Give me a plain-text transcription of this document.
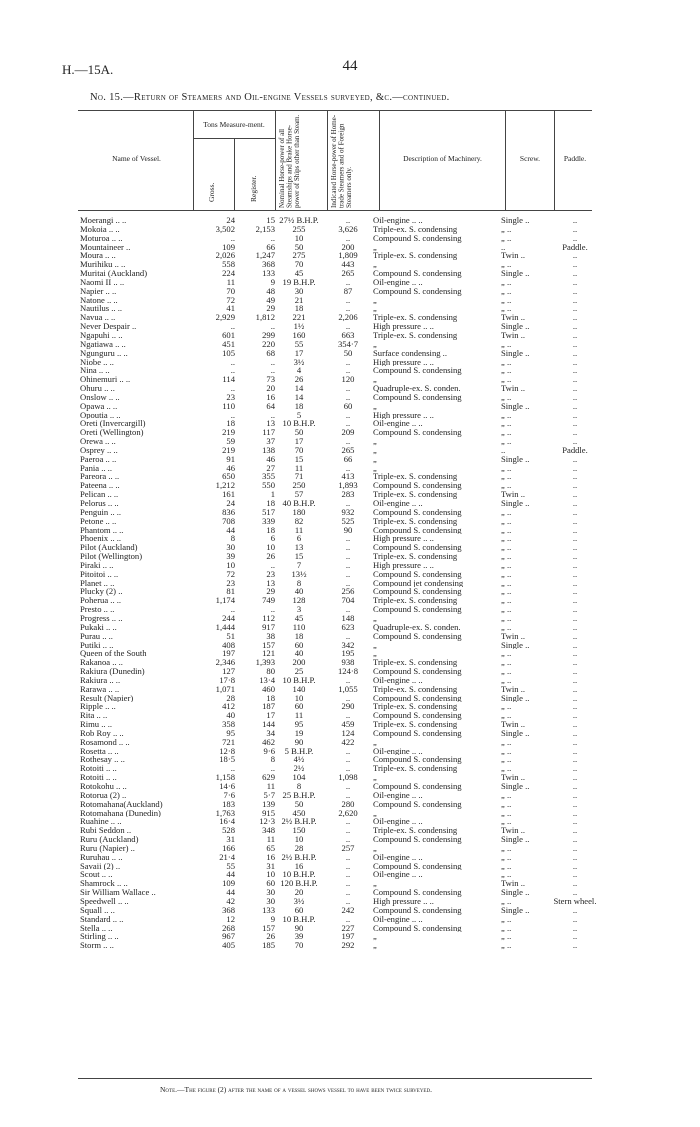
H.—15A.	44
No. 15.—Return of Steamers and Oil-engine Vessels surveyed, &c.—continued.
Name of Vessel.
Tons Measure-ment.
Gross.	Register.	Nominal Horse-power of all Steamships and Brake Horse-power of Ships other than Steam.	Indicated Horse-power of Home-trade Steamers and of Foreign Steamers only.
Description of Machinery.	Screw.	Paddle.
Moerangi .. ..	24	15	27½ B.H.P.	..	Oil-engine .. ..	Single ..	..
Mokoia .. ..	3,502	2,153	255	3,626	Triple-ex. S. condensing	„ ..	..
Moturoa .. ..	..	..	10	..	Compound S. condensing	„ ..	..
Mountaineer ..	109	66	50	200	„	..	Paddle.
Moura .. ..	2,026	1,247	275	1,809	Triple-ex. S. condensing	Twin ..	..
Murihiku .. ..	558	368	70	443	„	„ ..	..
Muritai (Auckland)	224	133	45	265	Compound S. condensing	Single ..	..
Naomi II .. ..	11	9	19 B.H.P.	..	Oil-engine .. ..	„ ..	..
Napier .. ..	70	48	30	87	Compound S. condensing	„ ..	..
Natone .. ..	72	49	21	..	„	„ ..	..
Nautilus .. ..	41	29	18	..	„	„ ..	..
Navua .. ..	2,929	1,812	221	2,206	Triple-ex. S. condensing	Twin ..	..
Never Despair ..	..	..	1½	..	High pressure .. ..	Single ..	..
Ngapuhi .. ..	601	299	160	663	Triple-ex. S. condensing	Twin ..	..
Ngatiawa .. ..	451	220	55	354·7	„	„ ..	..
Ngunguru .. ..	105	68	17	50	Surface condensing ..	Single ..	..
Niobe .. ..	..	..	3½	..	High pressure .. ..	„ ..	..
Nina .. ..	..	..	4	..	Compound S. condensing	„ ..	..
Ohinemuri .. ..	114	73	26	120	„	„ ..	..
Ohuru .. ..	..	20	14	..	Quadruple-ex. S. conden.	Twin ..	..
Onslow .. ..	23	16	14	..	Compound S. condensing	„ ..	..
Opawa .. ..	110	64	18	60	„	Single ..	..
Opoutia .. ..	..	..	5	..	High pressure .. ..	„ ..	..
Oreti (Invercargill)	18	13	10 B.H.P.	..	Oil-engine .. ..	„ ..	..
Oreti (Wellington)	219	117	50	209	Compound S. condensing	„ ..	..
Orewa .. ..	59	37	17	..	„	„ ..	..
Osprey .. ..	219	138	70	265	„	..	Paddle.
Paeroa .. ..	91	46	15	66	„	Single ..	..
Pania .. ..	46	27	11	..	„	„ ..	..
Pareora .. ..	650	355	71	413	Triple-ex. S. condensing	„ ..	..
Pateena .. ..	1,212	550	250	1,893	Compound S. condensing	„ ..	..
Pelican .. ..	161	1	57	283	Triple-ex. S. condensing	Twin ..	..
Pelorus .. ..	24	18	40 B.H.P.	..	Oil-engine .. ..	Single ..	..
Penguin .. ..	836	517	180	932	Compound S. condensing	„ ..	..
Petone .. ..	708	339	82	525	Triple-ex. S. condensing	„ ..	..
Phantom .. ..	44	18	11	90	Compound S. condensing	„ ..	..
Phoenix .. ..	8	6	6	..	High pressure .. ..	„ ..	..
Pilot (Auckland)	30	10	13	..	Compound S. condensing	„ ..	..
Pilot (Wellington)	39	26	15	..	Triple-ex. S. condensing	„ ..	..
Piraki .. ..	10	..	7	..	High pressure .. ..	„ ..	..
Pitoitoi .. ..	72	23	13½	..	Compound S. condensing	„ ..	..
Planet .. ..	23	13	8	..	Compound jet condensing	„ ..	..
Plucky (2) ..	81	29	40	256	Compound S. condensing	„ ..	..
Poherua .. ..	1,174	749	128	704	Triple-ex. S. condensing	„ ..	..
Presto .. ..	..	..	3	..	Compound S. condensing	„ ..	..
Progress .. ..	244	112	45	148	„	„ ..	..
Pukaki .. ..	1,444	917	110	623	Quadruple-ex. S. conden.	„ ..	..
Purau .. ..	51	38	18	..	Compound S. condensing	Twin ..	..
Putiki .. ..	408	157	60	342	„	Single ..	..
Queen of the South	197	121	40	195	„	„ ..	..
Rakanoa .. ..	2,346	1,393	200	938	Triple-ex. S. condensing	„ ..	..
Rakiura (Dunedin)	127	80	25	124·8	Compound S. condensing	„ ..	..
Rakiura .. ..	17·8	13·4	10 B.H.P.	..	Oil-engine .. ..	„ ..	..
Rarawa .. ..	1,071	460	140	1,055	Triple-ex. S. condensing	Twin ..	..
Result (Napier)	28	18	10	..	Compound S. condensing	Single ..	..
Ripple .. ..	412	187	60	290	Triple-ex. S. condensing	„ ..	..
Rita .. ..	40	17	11	..	Compound S. condensing	„ ..	..
Rimu .. ..	358	144	95	459	Triple-ex. S. condensing	Twin ..	..
Rob Roy .. ..	95	34	19	124	Compound S. condensing	Single ..	..
Rosamond .. ..	721	462	90	422	„	„ ..	..
Rosetta .. ..	12·8	9·6	5 B.H.P.	..	Oil-engine .. ..	„ ..	..
Rothesay .. ..	18·5	8	4½	..	Compound S. condensing	„ ..	..
Rotoiti .. ..	..	..	2½	..	Triple-ex. S. condensing	„ ..	..
Rotoiti .. ..	1,158	629	104	1,098	„	Twin ..	..
Rotokohu .. ..	14·6	11	8	..	Compound S. condensing	Single ..	..
Rotorua (2) ..	7·6	5·7	25 B.H.P.	..	Oil-engine .. ..	„ ..	..
Rotomahana(Auckland)	183	139	50	280	Compound S. condensing	„ ..	..
Rotomahana (Dunedin)	1,763	915	450	2,620	„	„ ..	..
Ruahine .. ..	16·4	12·3	2½ B.H.P.	..	Oil-engine .. ..	„ ..	..
Rubi Seddon ..	528	348	150	..	Triple-ex. S. condensing	Twin ..	..
Ruru (Auckland)	31	11	10	..	Compound S. condensing	Single ..	..
Ruru (Napier) ..	166	65	28	257	„	„ ..	..
Ruruhau .. ..	21·4	16	2½ B.H.P.	..	Oil-engine .. ..	„ ..	..
Savaii (2) ..	55	31	16	..	Compound S. condensing	„ ..	..
Scout .. ..	44	10	10 B.H.P.	..	Oil-engine .. ..	„ ..	..
Shamrock .. ..	109	60	120 B.H.P.	..	„	Twin ..	..
Sir William Wallace ..	44	30	20	..	Compound S. condensing	Single ..	..
Speedwell .. ..	42	30	3½	..	High pressure .. ..	„ ..	Stern wheel.
Squall .. ..	368	133	60	242	Compound S. condensing	Single ..	..
Standard .. ..	12	9	10 B.H.P.	..	Oil-engine .. ..	„ ..	..
Stella .. ..	268	157	90	227	Compound S. condensing	„ ..	..
Stirling .. ..	967	26	39	197	„	„ ..	..
Storm .. ..	405	185	70	292	„	„ ..	..
Note.—The figure (2) after the name of a vessel shows vessel to have been twice surveyed.
